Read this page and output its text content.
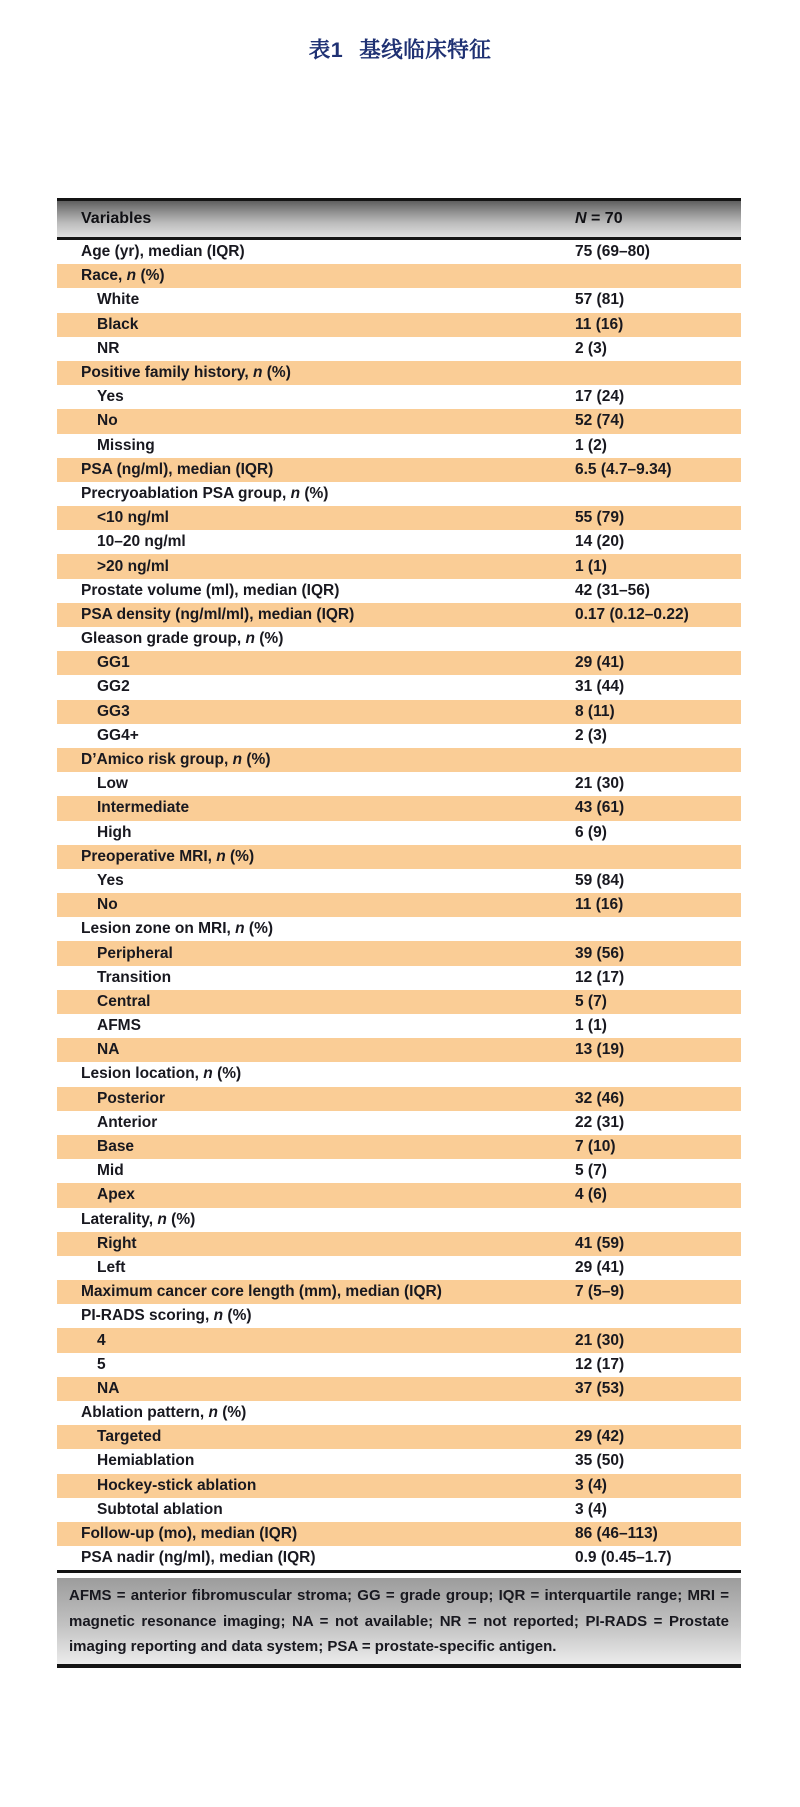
表1 基线临床特征
Variables	N = 70
Age (yr), median (IQR)	75 (69–80)
Race, n (%)
White	57 (81)
Black	11 (16)
NR	2 (3)
Positive family history, n (%)
Yes	17 (24)
No	52 (74)
Missing	1 (2)
PSA (ng/ml), median (IQR)	6.5 (4.7–9.34)
Precryoablation PSA group, n (%)
<10 ng/ml	55 (79)
10–20 ng/ml	14 (20)
>20 ng/ml	1 (1)
Prostate volume (ml), median (IQR)	42 (31–56)
PSA density (ng/ml/ml), median (IQR)	0.17 (0.12–0.22)
Gleason grade group, n (%)
GG1	29 (41)
GG2	31 (44)
GG3	8 (11)
GG4+	2 (3)
D’Amico risk group, n (%)
Low	21 (30)
Intermediate	43 (61)
High	6 (9)
Preoperative MRI, n (%)
Yes	59 (84)
No	11 (16)
Lesion zone on MRI, n (%)
Peripheral	39 (56)
Transition	12 (17)
Central	5 (7)
AFMS	1 (1)
NA	13 (19)
Lesion location, n (%)
Posterior	32 (46)
Anterior	22 (31)
Base	7 (10)
Mid	5 (7)
Apex	4 (6)
Laterality, n (%)
Right	41 (59)
Left	29 (41)
Maximum cancer core length (mm), median (IQR)	7 (5–9)
PI-RADS scoring, n (%)
4	21 (30)
5	12 (17)
NA	37 (53)
Ablation pattern, n (%)
Targeted	29 (42)
Hemiablation	35 (50)
Hockey-stick ablation	3 (4)
Subtotal ablation	3 (4)
Follow-up (mo), median (IQR)	86 (46–113)
PSA nadir (ng/ml), median (IQR)	0.9 (0.45–1.7)
AFMS = anterior fibromuscular stroma; GG = grade group; IQR = interquartile range; MRI = magnetic resonance imaging; NA = not available; NR = not reported; PI-RADS = Prostate imaging reporting and data system; PSA = prostate-specific antigen.
